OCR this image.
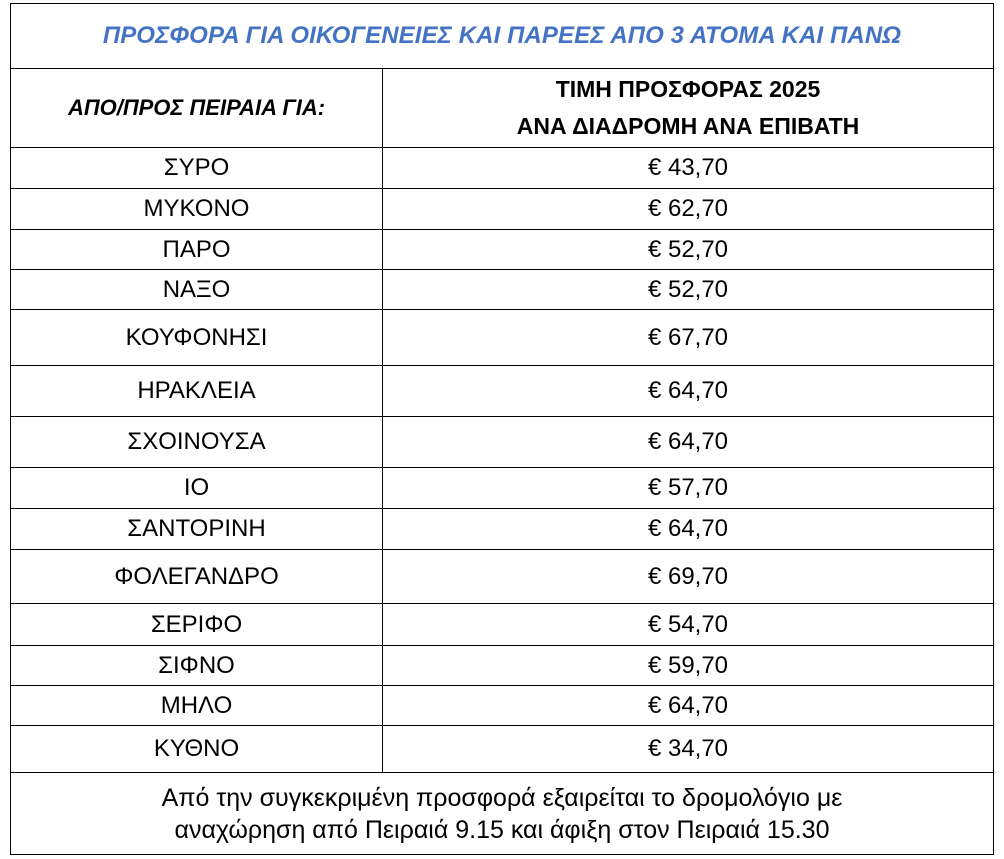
ΠΡΟΣΦΟΡΑ ΓΙΑ ΟΙΚΟΓΕΝΕΙΕΣ ΚΑΙ ΠΑΡΕΕΣ ΑΠΟ 3 ΑΤΟΜΑ ΚΑΙ ΠΑΝΩ
ΑΠΟ/ΠΡΟΣ ΠΕΙΡΑΙΑ ΓΙΑ:
ΤΙΜΗ ΠΡΟΣΦΟΡΑΣ 2025
ΑΝΑ ΔΙΑΔΡΟΜΗ ΑΝΑ ΕΠΙΒΑΤΗ
ΣΥΡΟ	€ 43,70
ΜΥΚΟΝΟ	€ 62,70
ΠΑΡΟ	€ 52,70
ΝΑΞΟ	€ 52,70
ΚΟΥΦΟΝΗΣΙ	€ 67,70
ΗΡΑΚΛΕΙΑ	€ 64,70
ΣΧΟΙΝΟΥΣΑ	€ 64,70
ΙΟ	€ 57,70
ΣΑΝΤΟΡΙΝΗ	€ 64,70
ΦΟΛΕΓΑΝΔΡΟ	€ 69,70
ΣΕΡΙΦΟ	€ 54,70
ΣΙΦΝΟ	€ 59,70
ΜΗΛΟ	€ 64,70
ΚΥΘΝΟ	€ 34,70
Από την συγκεκριμένη προσφορά εξαιρείται το δρομολόγιο με
αναχώρηση από Πειραιά 9.15 και άφιξη στον Πειραιά 15.30
